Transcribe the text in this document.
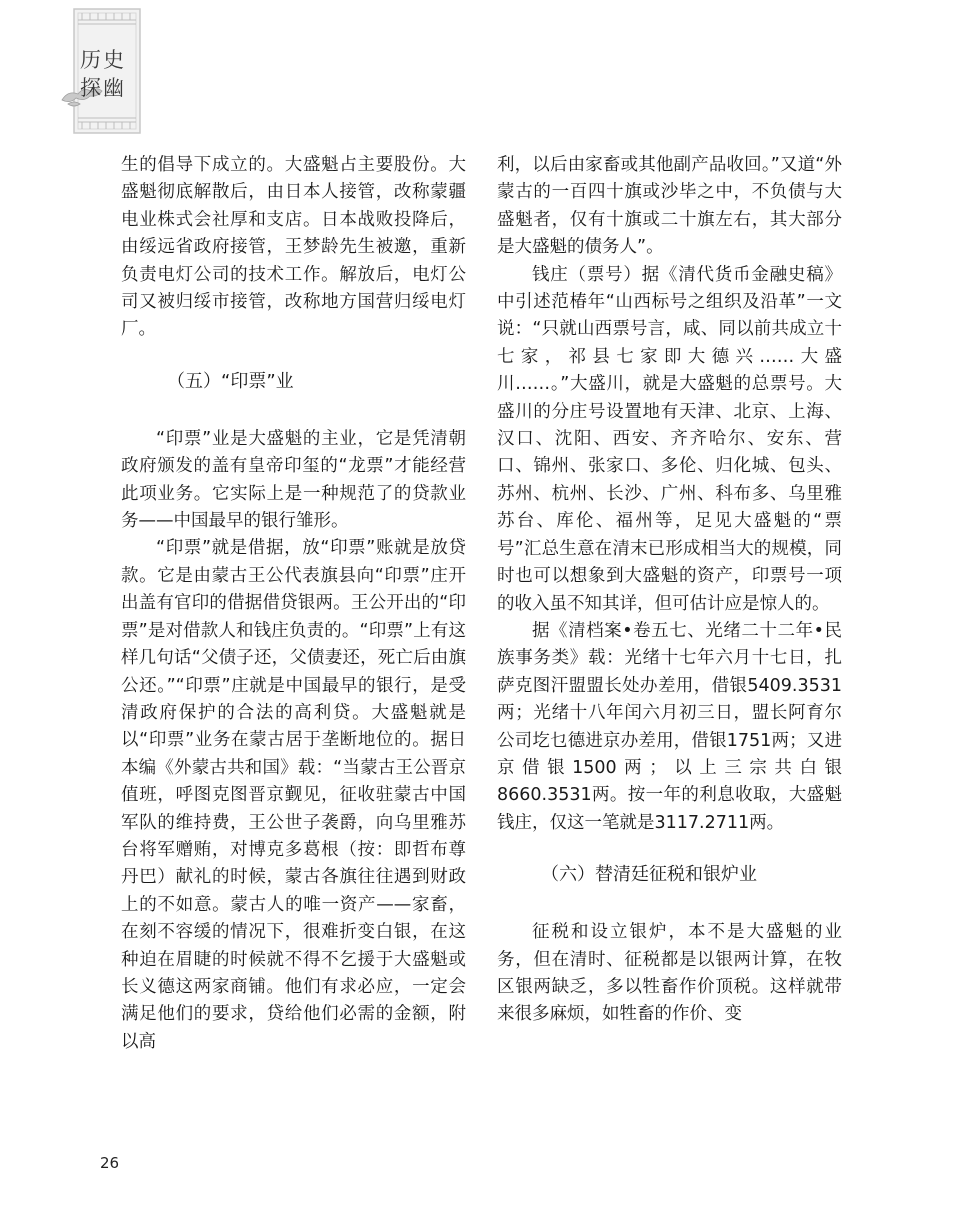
历史
探幽

生的倡导下成立的。大盛魁占主要股份。大盛魁彻底解散后，由日本人接管，改称蒙疆电业株式会社厚和支店。日本战败投降后，由绥远省政府接管，王梦龄先生被邀，重新负责电灯公司的技术工作。解放后，电灯公司又被归绥市接管，改称地方国营归绥电灯厂。

（五）“印票”业

“印票”业是大盛魁的主业，它是凭清朝政府颁发的盖有皇帝印玺的“龙票”才能经营此项业务。它实际上是一种规范了的贷款业务——中国最早的银行雏形。

“印票”就是借据，放“印票”账就是放贷款。它是由蒙古王公代表旗县向“印票”庄开出盖有官印的借据借贷银两。王公开出的“印票”是对借款人和钱庄负责的。“印票”上有这样几句话“父债子还，父债妻还，死亡后由旗公还。”“印票”庄就是中国最早的银行，是受清政府保护的合法的高利贷。大盛魁就是以“印票”业务在蒙古居于垄断地位的。据日本编《外蒙古共和国》载：“当蒙古王公晋京值班，呼图克图晋京觐见，征收驻蒙古中国军队的维持费，王公世子袭爵，向乌里雅苏台将军赠贿，对博克多葛根（按：即哲布尊丹巴）献礼的时候，蒙古各旗往往遇到财政上的不如意。蒙古人的唯一资产——家畜，在刻不容缓的情况下，很难折变白银，在这种迫在眉睫的时候就不得不乞援于大盛魁或长义德这两家商铺。他们有求必应，一定会满足他们的要求，贷给他们必需的金额，附以高

利，以后由家畜或其他副产品收回。”又道“外蒙古的一百四十旗或沙毕之中，不负债与大盛魁者，仅有十旗或二十旗左右，其大部分是大盛魁的债务人”。

钱庄（票号）据《清代货币金融史稿》中引述范椿年“山西标号之组织及沿革”一文说：“只就山西票号言，咸、同以前共成立十七家，祁县七家即大德兴……大盛川……。”大盛川，就是大盛魁的总票号。大盛川的分庄号设置地有天津、北京、上海、汉口、沈阳、西安、齐齐哈尔、安东、营口、锦州、张家口、多伦、归化城、包头、苏州、杭州、长沙、广州、科布多、乌里雅苏台、库伦、福州等，足见大盛魁的“票号”汇总生意在清末已形成相当大的规模，同时也可以想象到大盛魁的资产，印票号一项的收入虽不知其详，但可估计应是惊人的。

据《清档案•卷五七、光绪二十二年•民族事务类》载：光绪十七年六月十七日，扎萨克图汗盟盟长处办差用，借银5409.3531两；光绪十八年闰六月初三日，盟长阿育尔公司圪乜德进京办差用，借银1751两；又进京借银1500两；以上三宗共白银8660.3531两。按一年的利息收取，大盛魁钱庄，仅这一笔就是3117.2711两。

（六）替清廷征税和银炉业

征税和设立银炉，本不是大盛魁的业务，但在清时、征税都是以银两计算，在牧区银两缺乏，多以牲畜作价顶税。这样就带来很多麻烦，如牲畜的作价、变

26
